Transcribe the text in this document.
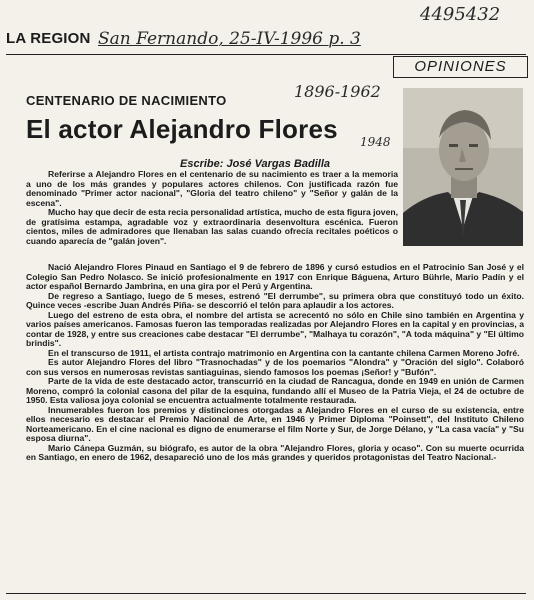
LA REGION San Fernando, 25-IV-1996 p. 3
4495432
OPINIONES
CENTENARIO DE NACIMIENTO	1896-1962
El actor Alejandro Flores 1948
Escribe: José Vargas Badilla

Referirse a Alejandro Flores en el centenario de su nacimiento es traer a la memoria a uno de los más grandes y populares actores chilenos. Con justificada razón fue denominado "Primer actor nacional", "Gloria del teatro chileno" y "Señor y galán de la escena".

Mucho hay que decir de esta recia personalidad artística, mucho de esta figura joven, de gratísima estampa, agradable voz y extraordinaria desenvoltura escénica. Fueron cientos, miles de admiradores que llenaban las salas cuando ofrecía recitales poéticos o cuando aparecía de "galán joven".

Nació Alejandro Flores Pinaud en Santiago el 9 de febrero de 1896 y cursó estudios en el Patrocinio San José y el Colegio San Pedro Nolasco. Se inició profesionalmente en 1917 con Enrique Báguena, Arturo Bührle, Mario Padín y el actor español Bernardo Jambrina, en una gira por el Perú y Argentina.

De regreso a Santiago, luego de 5 meses, estrenó "El derrumbe", su primera obra que constituyó todo un éxito. Quince veces -escribe Juan Andrés Piña- se descorrió el telón para aplaudir a los actores.

Luego del estreno de esta obra, el nombre del artista se acrecentó no sólo en Chile sino también en Argentina y varios países americanos. Famosas fueron las temporadas realizadas por Alejandro Flores en la capital y en provincias, a contar de 1928, y entre sus creaciones cabe destacar "El derrumbe", "Malhaya tu corazón", "A toda máquina" y "El último brindis".

En el transcurso de 1911, el artista contrajo matrimonio en Argentina con la cantante chilena Carmen Moreno Jofré.

Es autor Alejandro Flores del libro "Trasnochadas" y de los poemarios "Alondra" y "Oración del siglo". Colaboró con sus versos en numerosas revistas santiaguinas, siendo famosos los poemas ¡Señor! y "Bufón".

Parte de la vida de este destacado actor, transcurrió en la ciudad de Rancagua, donde en 1949 en unión de Carmen Moreno, compró la colonial casona del pilar de la esquina, fundando allí el Museo de la Patria Vieja, el 24 de octubre de 1950. Esta valiosa joya colonial se encuentra actualmente totalmente restaurada.

Innumerables fueron los premios y distinciones otorgadas a Alejandro Flores en el curso de su existencia, entre ellos necesario es destacar el Premio Nacional de Arte, en 1946 y Primer Diploma "Poinsett", del Instituto Chileno Norteamericano. En el cine nacional es digno de enumerarse el film Norte y Sur, de Jorge Délano, y "La casa vacía" y "Su esposa diurna".

Mario Cánepa Guzmán, su biógrafo, es autor de la obra "Alejandro Flores, gloria y ocaso". Con su muerte ocurrida en Santiago, en enero de 1962, desapareció uno de los más grandes y queridos protagonistas del Teatro Nacional.-
